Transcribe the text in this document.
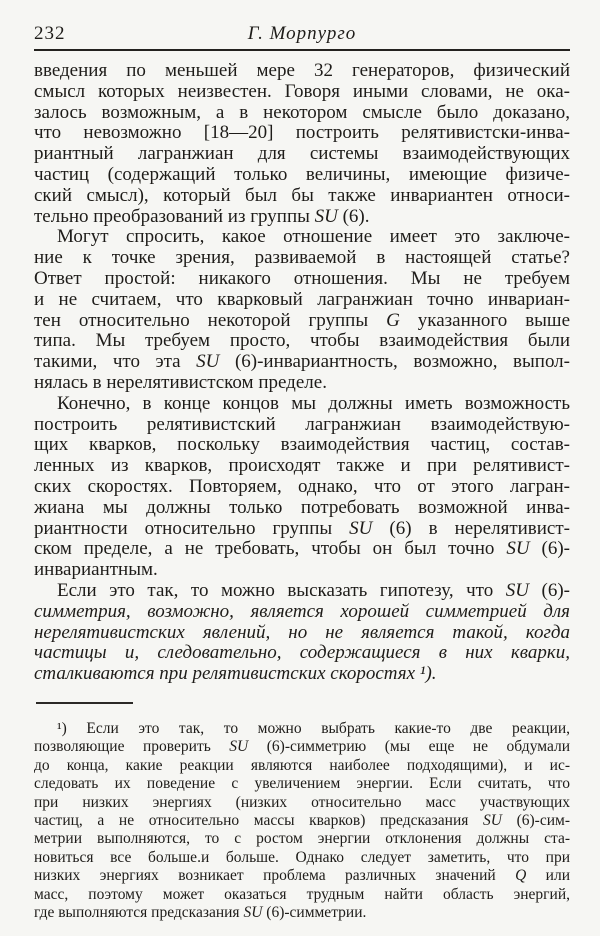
232	Г. Морпурго
введения по меньшей мере 32 генераторов, физический
смысл которых неизвестен. Говоря иными словами, не ока-
залось возможным, а в некотором смысле было доказано,
что невозможно [18—20] построить релятивистски-инва-
риантный лагранжиан для системы взаимодействующих
частиц (содержащий только величины, имеющие физиче-
ский смысл), который был бы также инвариантен относи-
тельно преобразований из группы SU (6).
Могут спросить, какое отношение имеет это заключе-
ние к точке зрения, развиваемой в настоящей статье?
Ответ простой: никакого отношения. Мы не требуем
и не считаем, что кварковый лагранжиан точно инвариан-
тен относительно некоторой группы G указанного выше
типа. Мы требуем просто, чтобы взаимодействия были
такими, что эта SU (6)-инвариантность, возможно, выпол-
нялась в нерелятивистском пределе.
Конечно, в конце концов мы должны иметь возможность
построить релятивистский лагранжиан взаимодействую-
щих кварков, поскольку взаимодействия частиц, состав-
ленных из кварков, происходят также и при релятивист-
ских скоростях. Повторяем, однако, что от этого лагран-
жиана мы должны только потребовать возможной инва-
риантности относительно группы SU (6) в нерелятивист-
ском пределе, а не требовать, чтобы он был точно SU (6)-
инвариантным.
Если это так, то можно высказать гипотезу, что SU (6)-
симметрия, возможно, является хорошей симметрией для
нерелятивистских явлений, но не является такой, когда
частицы и, следовательно, содержащиеся в них кварки,
сталкиваются при релятивистских скоростях ¹).
¹) Если это так, то можно выбрать какие-то две реакции,
позволяющие проверить SU (6)-симметрию (мы еще не обдумали
до конца, какие реакции являются наиболее подходящими), и ис-
следовать их поведение с увеличением энергии. Если считать, что
при низких энергиях (низких относительно масс участвующих
частиц, а не относительно массы кварков) предсказания SU (6)-сим-
метрии выполняются, то с ростом энергии отклонения должны ста-
новиться все больше.и больше. Однако следует заметить, что при
низких энергиях возникает проблема различных значений Q или
масс, поэтому может оказаться трудным найти область энергий,
где выполняются предсказания SU (6)-симметрии.
